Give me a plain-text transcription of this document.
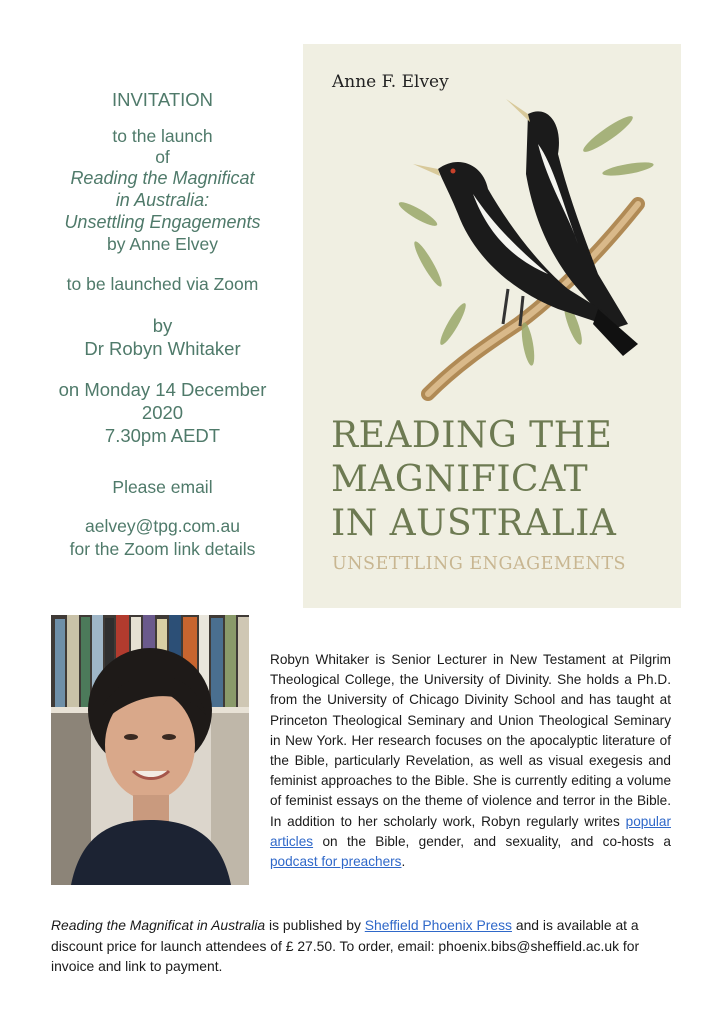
INVITATION
to the launch
of
Reading the Magnificat
in Australia:
Unsettling Engagements
by Anne Elvey
to be launched via Zoom
by
Dr Robyn Whitaker
on Monday 14 December
2020
7.30pm AEDT
Please email
aelvey@tpg.com.au
for the Zoom link details
Anne F. Elvey
READING THE
MAGNIFICAT
IN AUSTRALIA
UNSETTLING ENGAGEMENTS
Robyn Whitaker is Senior Lecturer in New Testament at Pilgrim Theological College, the University of Divinity. She holds a Ph.D. from the University of Chicago Divinity School and has taught at Princeton Theological Seminary and Union Theological Seminary in New York. Her research focuses on the apocalyptic literature of the Bible, particularly Revelation, as well as visual exegesis and feminist approaches to the Bible. She is currently editing a volume of feminist essays on the theme of violence and terror in the Bible. In addition to her scholarly work, Robyn regularly writes popular articles on the Bible, gender, and sexuality, and co-hosts a podcast for preachers.
Reading the Magnificat in Australia is published by Sheffield Phoenix Press and is available at a discount price for launch attendees of £ 27.50. To order, email: phoenix.bibs@sheffield.ac.uk for invoice and link to payment.
